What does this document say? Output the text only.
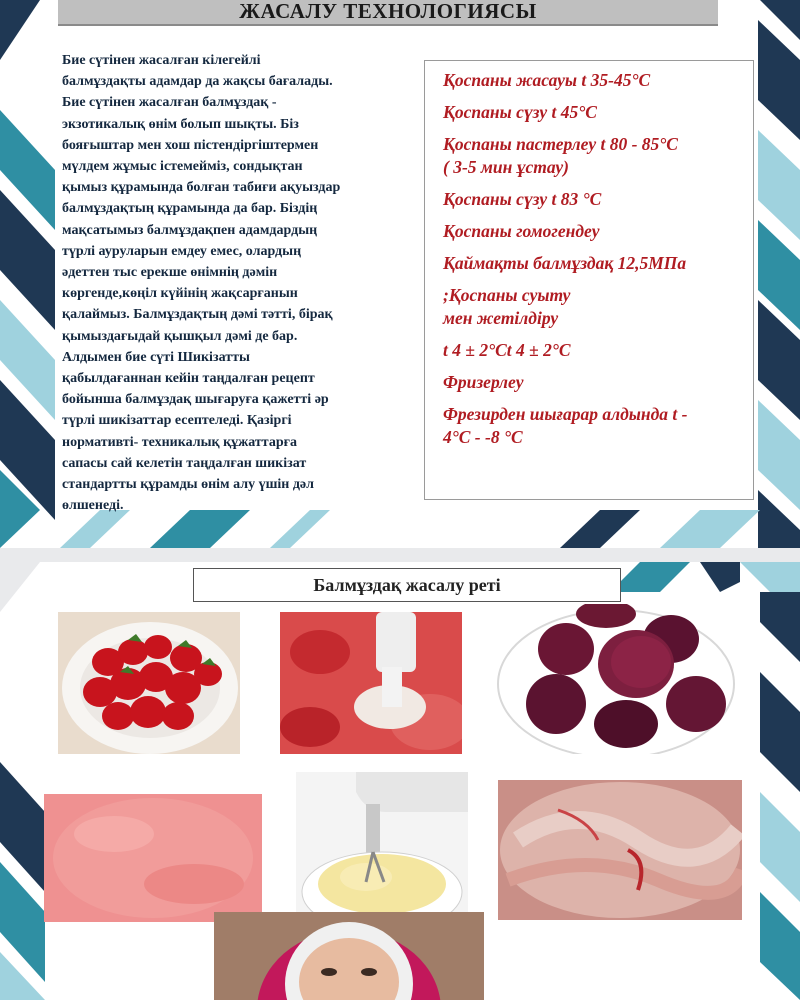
ЖАСАЛУ ТЕХНОЛОГИЯСЫ
Бие сүтінен жасалған кілегейлі
балмұздақты адамдар да жақсы бағалады.
Бие сүтінен жасалған балмұздақ -
экзотикалық өнім болып шықты. Біз
бояғыштар мен хош пістендіргіштермен
мүлдем жұмыс істемейміз, сондықтан
қымыз құрамында болған табиғи ақуыздар
балмұздақтың құрамында да бар. Біздің
мақсатымыз балмұздақпен адамдардың
түрлі ауруларын емдеу емес, олардың
әдеттен тыс ерекше өнімнің дәмін
көргенде,көңіл күйінің жақсарғанын
қалаймыз. Балмұздақтың дәмі тәтті, бірақ
қымыздағыдай қышқыл дәмі де бар.
Алдымен бие сүті Шикізатты
қабылдағаннан кейін таңдалған рецепт
бойынша балмұздақ шығаруға қажетті әр
түрлі шикізаттар есептеледі. Қазіргі
нормативті- техникалық құжаттарға
сапасы сай келетін таңдалған шикізат
стандартты құрамды өнім алу үшін дәл
өлшенеді.
Қоспаны жасауы t 35-45°C
Қоспаны сүзу t 45°C
Қоспаны пастерлеу t 80 - 85°C
( 3-5 мин ұстау)
Қоспаны сүзу t 83 °C
Қоспаны гомогендеу
Қаймақты балмұздақ 12,5МПа
;Қоспаны суыту
мен жетілдіру
t 4 ± 2°Ct 4 ± 2°C
Фризерлеу
Фрезирден шығарар алдында t -
4°C - -8 °C
Балмұздақ жасалу реті
